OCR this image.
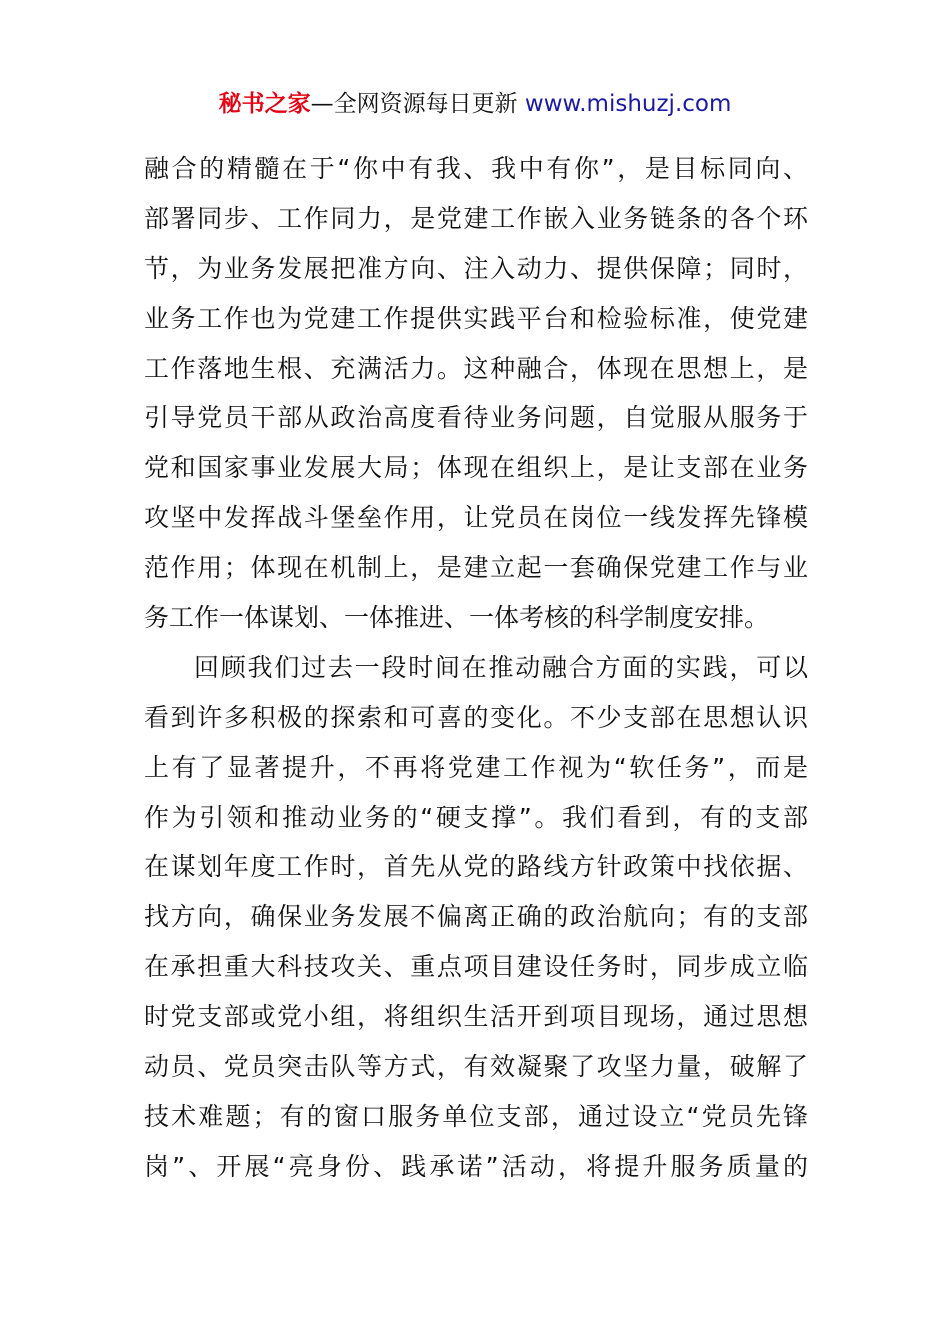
秘书之家—全网资源每日更新 www.mishuzj.com
融合的精髓在于“你中有我、我中有你”，是目标同向、
部署同步、工作同力，是党建工作嵌入业务链条的各个环
节，为业务发展把准方向、注入动力、提供保障；同时，
业务工作也为党建工作提供实践平台和检验标准，使党建
工作落地生根、充满活力。这种融合，体现在思想上，是
引导党员干部从政治高度看待业务问题，自觉服从服务于
党和国家事业发展大局；体现在组织上，是让支部在业务
攻坚中发挥战斗堡垒作用，让党员在岗位一线发挥先锋模
范作用；体现在机制上，是建立起一套确保党建工作与业
务工作一体谋划、一体推进、一体考核的科学制度安排。
回顾我们过去一段时间在推动融合方面的实践，可以
看到许多积极的探索和可喜的变化。不少支部在思想认识
上有了显著提升，不再将党建工作视为“软任务”，而是
作为引领和推动业务的“硬支撑”。我们看到，有的支部
在谋划年度工作时，首先从党的路线方针政策中找依据、
找方向，确保业务发展不偏离正确的政治航向；有的支部
在承担重大科技攻关、重点项目建设任务时，同步成立临
时党支部或党小组，将组织生活开到项目现场，通过思想
动员、党员突击队等方式，有效凝聚了攻坚力量，破解了
技术难题；有的窗口服务单位支部，通过设立“党员先锋
岗”、开展“亮身份、践承诺”活动，将提升服务质量的
